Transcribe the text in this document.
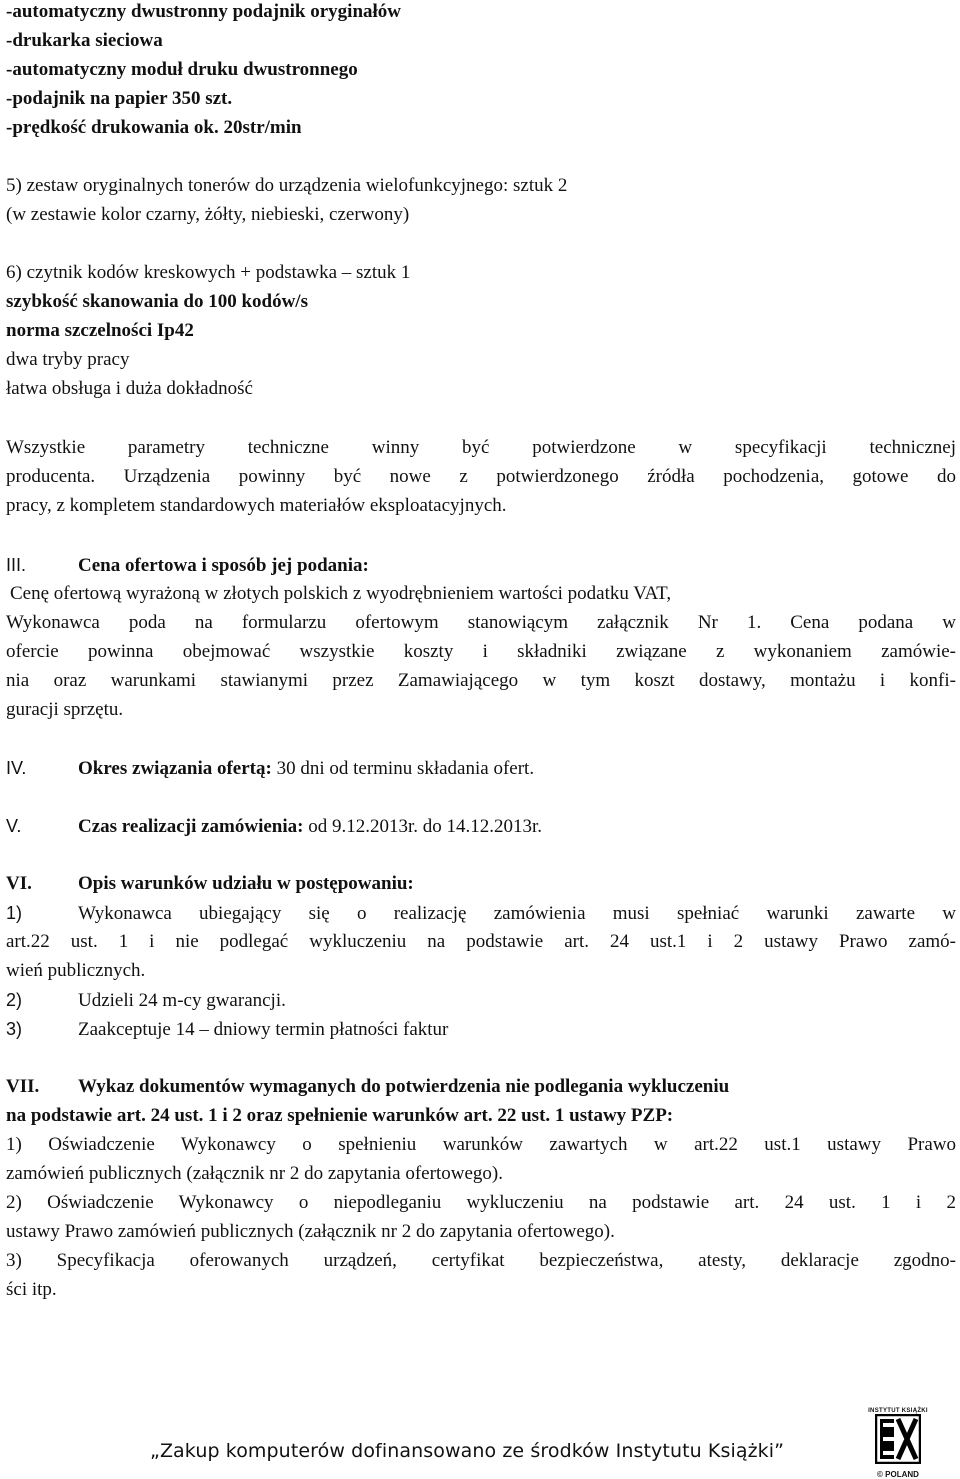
-automatyczny dwustronny podajnik oryginałów
-drukarka sieciowa
-automatyczny moduł druku dwustronnego
-podajnik na papier 350 szt.
-prędkość drukowania ok. 20str/min
5) zestaw oryginalnych tonerów do urządzenia wielofunkcyjnego: sztuk 2
(w zestawie kolor czarny, żółty, niebieski, czerwony)
6) czytnik kodów kreskowych + podstawka – sztuk 1
szybkość skanowania do 100 kodów/s
norma szczelności Ip42
dwa tryby pracy
łatwa obsługa i duża dokładność
Wszystkie parametry techniczne winny być potwierdzone w specyfikacji technicznej
producenta. Urządzenia powinny być nowe z potwierdzonego źródła pochodzenia, gotowe do
pracy, z kompletem standardowych materiałów eksploatacyjnych.
III.	Cena ofertowa i sposób jej podania:
Cenę ofertową wyrażoną w złotych polskich z wyodrębnieniem wartości podatku VAT,
Wykonawca poda na formularzu ofertowym stanowiącym załącznik Nr 1. Cena podana w
ofercie powinna obejmować wszystkie koszty i składniki związane z wykonaniem zamówie-
nia oraz warunkami stawianymi przez Zamawiającego w tym koszt dostawy, montażu i konfi-
guracji sprzętu.
IV.	Okres związania ofertą: 30 dni od terminu składania ofert.
V.	Czas realizacji zamówienia: od 9.12.2013r. do 14.12.2013r.
VI. Opis warunków udziału w postępowaniu:
1)	Wykonawca ubiegający się o realizację zamówienia musi spełniać warunki zawarte w
art.22 ust. 1 i nie podlegać wykluczeniu na podstawie art. 24 ust.1 i 2 ustawy Prawo zamó-
wień publicznych.
2)	Udzieli 24 m-cy gwarancji.
3)	Zaakceptuje 14 – dniowy termin płatności faktur
VII. Wykaz dokumentów wymaganych do potwierdzenia nie podlegania wykluczeniu
na podstawie art. 24 ust. 1 i 2 oraz spełnienie warunków art. 22 ust. 1 ustawy PZP:
1) Oświadczenie Wykonawcy o spełnieniu warunków zawartych w art.22 ust.1 ustawy Prawo
zamówień publicznych (załącznik nr 2 do zapytania ofertowego).
2) Oświadczenie Wykonawcy o niepodleganiu wykluczeniu na podstawie art. 24 ust. 1 i 2
ustawy Prawo zamówień publicznych (załącznik nr 2 do zapytania ofertowego).
3) Specyfikacja oferowanych urządzeń, certyfikat bezpieczeństwa, atesty, deklaracje zgodno-
ści itp.
„Zakup komputerów dofinansowano ze środków Instytutu Książki”
INSTYTUT KSIĄŻKI
© POLAND
